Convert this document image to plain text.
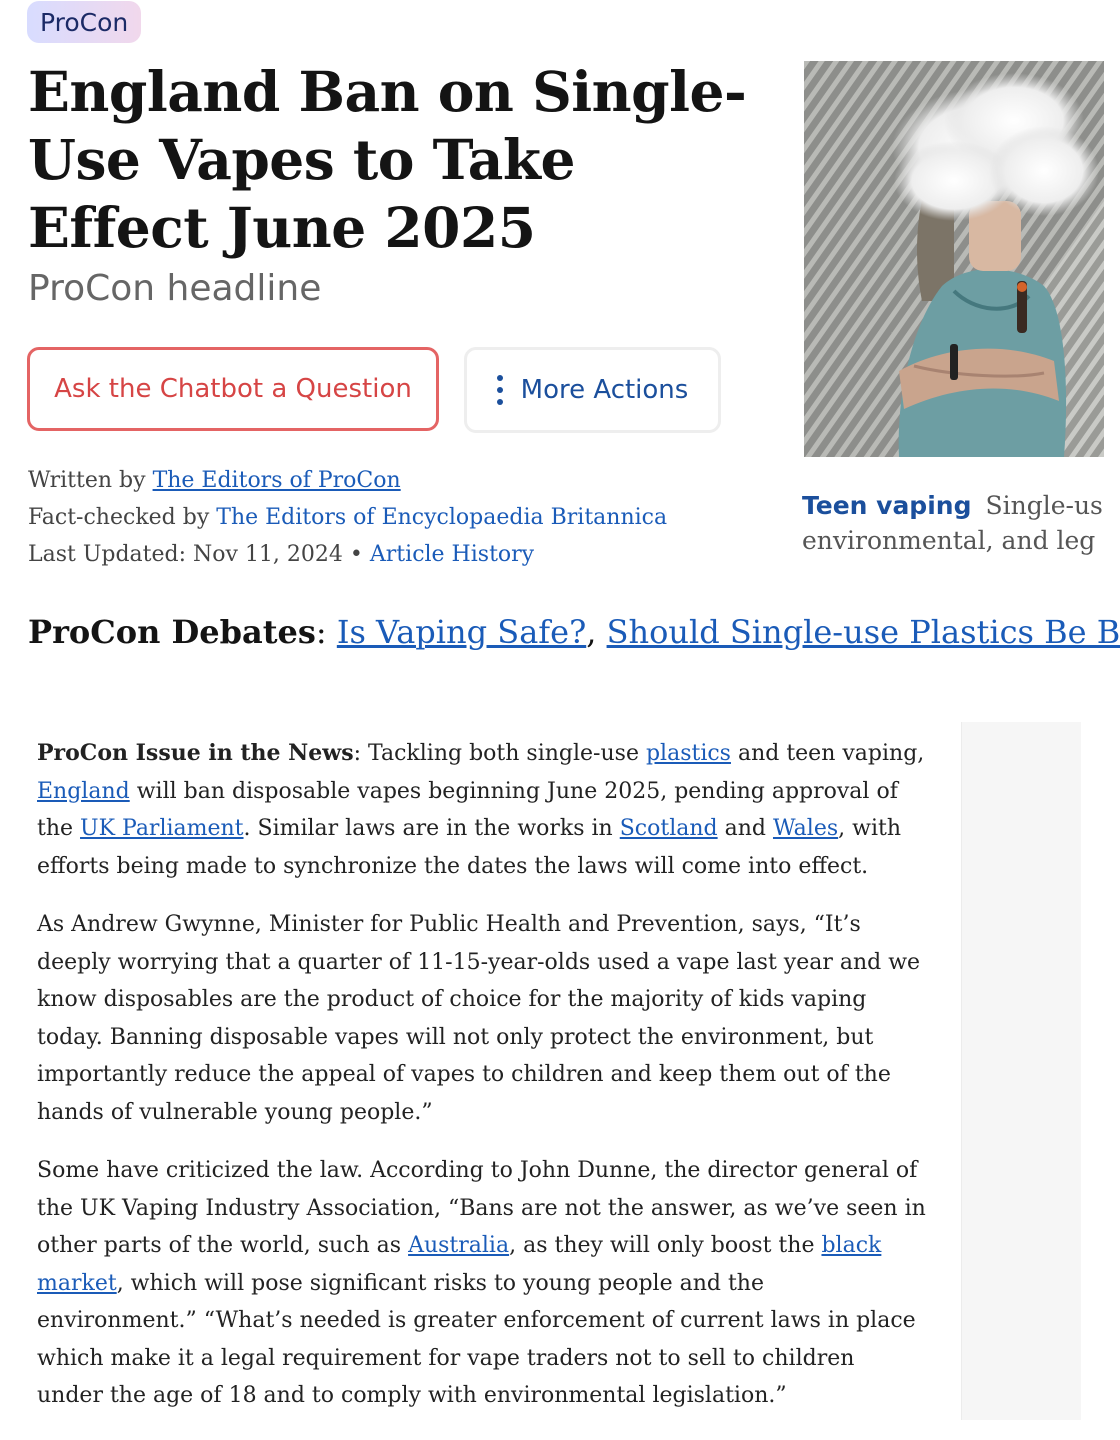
ProCon
England Ban on Single-Use Vapes to Take Effect June 2025
ProCon headline
Ask the Chatbot a Question	More Actions
Written by The Editors of ProCon
Fact-checked by The Editors of Encyclopaedia Britannica
Last Updated: Nov 11, 2024 • Article History
Teen vaping Single-us
environmental, and leg
ProCon Debates: Is Vaping Safe?, Should Single-use Plastics Be B

ProCon Issue in the News: Tackling both single-use plastics and teen vaping, England will ban disposable vapes beginning June 2025, pending approval of the UK Parliament. Similar laws are in the works in Scotland and Wales, with efforts being made to synchronize the dates the laws will come into effect.

As Andrew Gwynne, Minister for Public Health and Prevention, says, “It’s deeply worrying that a quarter of 11-15-year-olds used a vape last year and we know disposables are the product of choice for the majority of kids vaping today. Banning disposable vapes will not only protect the environment, but importantly reduce the appeal of vapes to children and keep them out of the hands of vulnerable young people.”

Some have criticized the law. According to John Dunne, the director general of the UK Vaping Industry Association, “Bans are not the answer, as we’ve seen in other parts of the world, such as Australia, as they will only boost the black market, which will pose significant risks to young people and the environment.” “What’s needed is greater enforcement of current laws in place which make it a legal requirement for vape traders not to sell to children under the age of 18 and to comply with environmental legislation.”
